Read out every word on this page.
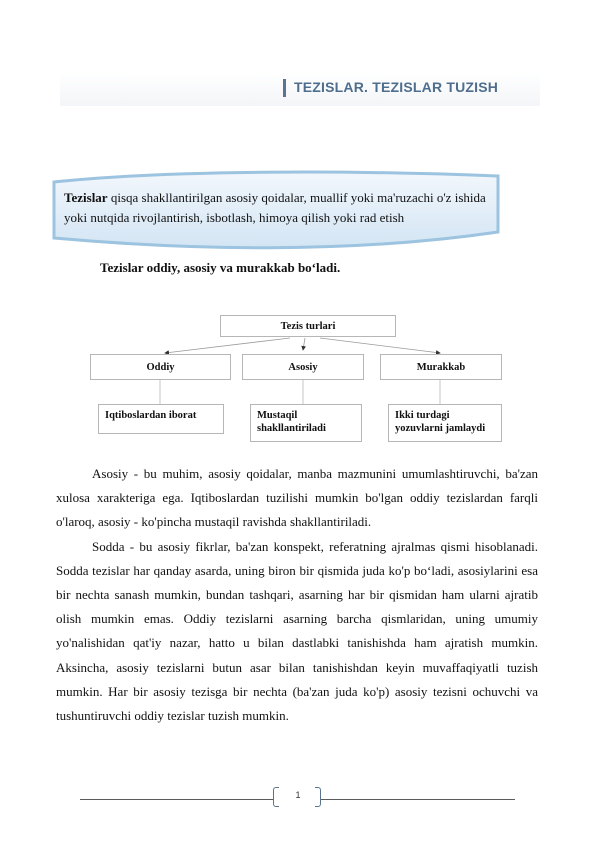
TEZISLAR. TEZISLAR TUZISH
Tezislar qisqa shakllantirilgan asosiy qoidalar, muallif yoki ma'ruzachi o'z ishida yoki nutqida rivojlantirish, isbotlash, himoya qilish yoki rad etish
Tezislar oddiy, asosiy va murakkab bo‘ladi.
Tezis turlari
Oddiy	Asosiy	Murakkab
Iqtiboslardan iborat	Mustaqil shakllantiriladi
Ikki turdagi yozuvlarni jamlaydi

Asosiy - bu muhim, asosiy qoidalar, manba mazmunini umumlashtiruvchi, ba'zan xulosa xarakteriga ega. Iqtiboslardan tuzilishi mumkin bo'lgan oddiy tezislardan farqli o'laroq, asosiy - ko'pincha mustaqil ravishda shakllantiriladi.

Sodda - bu asosiy fikrlar, ba'zan konspekt, referatning ajralmas qismi hisoblanadi. Sodda tezislar har qanday asarda, uning biron bir qismida juda ko'p bo‘ladi, asosiylarini esa bir nechta sanash mumkin, bundan tashqari, asarning har bir qismidan ham ularni ajratib olish mumkin emas. Oddiy tezislarni asarning barcha qismlaridan, uning umumiy yo'nalishidan qat'iy nazar, hatto u bilan dastlabki tanishishda ham ajratish mumkin. Aksincha, asosiy tezislarni butun asar bilan tanishishdan keyin muvaffaqiyatli tuzish mumkin. Har bir asosiy tezisga bir nechta (ba'zan juda ko'p) asosiy tezisni ochuvchi va tushuntiruvchi oddiy tezislar tuzish mumkin.

1
